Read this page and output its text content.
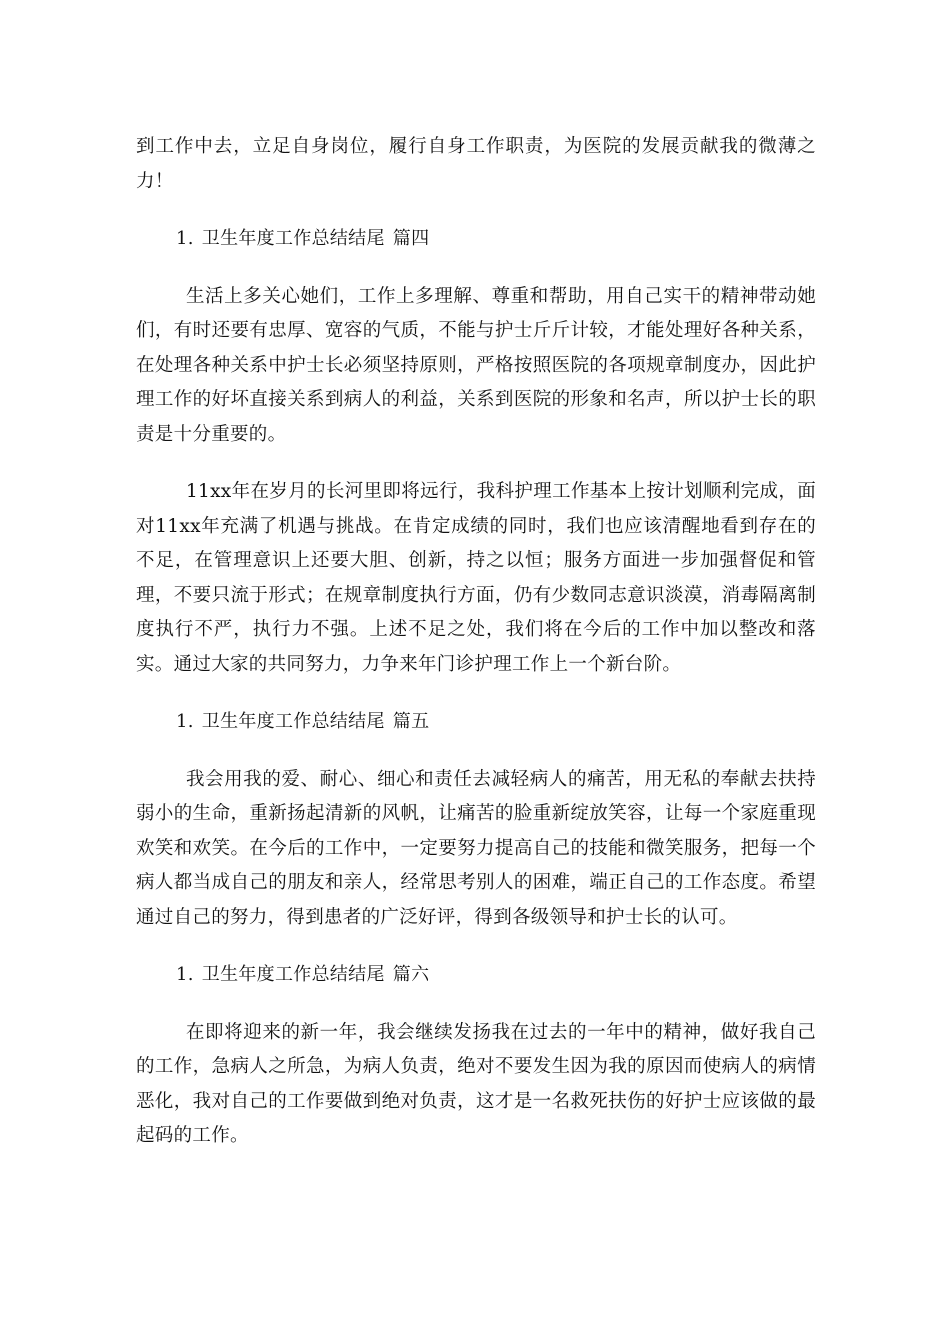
到工作中去，立足自身岗位，履行自身工作职责，为医院的发展贡献我的微薄之力！

1. 卫生年度工作总结结尾 篇四

生活上多关心她们，工作上多理解、尊重和帮助，用自己实干的精神带动她们，有时还要有忠厚、宽容的气质，不能与护士斤斤计较，才能处理好各种关系，在处理各种关系中护士长必须坚持原则，严格按照医院的各项规章制度办，因此护理工作的好坏直接关系到病人的利益，关系到医院的形象和名声，所以护士长的职责是十分重要的。

11xx年在岁月的长河里即将远行，我科护理工作基本上按计划顺利完成，面对11xx年充满了机遇与挑战。在肯定成绩的同时，我们也应该清醒地看到存在的不足，在管理意识上还要大胆、创新，持之以恒；服务方面进一步加强督促和管理，不要只流于形式；在规章制度执行方面，仍有少数同志意识淡漠，消毒隔离制度执行不严，执行力不强。上述不足之处，我们将在今后的工作中加以整改和落实。通过大家的共同努力，力争来年门诊护理工作上一个新台阶。

1. 卫生年度工作总结结尾 篇五

我会用我的爱、耐心、细心和责任去减轻病人的痛苦，用无私的奉献去扶持弱小的生命，重新扬起清新的风帆，让痛苦的脸重新绽放笑容，让每一个家庭重现欢笑和欢笑。在今后的工作中，一定要努力提高自己的技能和微笑服务，把每一个病人都当成自己的朋友和亲人，经常思考别人的困难，端正自己的工作态度。希望通过自己的努力，得到患者的广泛好评，得到各级领导和护士长的认可。

1. 卫生年度工作总结结尾 篇六

在即将迎来的新一年，我会继续发扬我在过去的一年中的精神，做好我自己的工作，急病人之所急，为病人负责，绝对不要发生因为我的原因而使病人的病情恶化，我对自己的工作要做到绝对负责，这才是一名救死扶伤的好护士应该做的最起码的工作。
